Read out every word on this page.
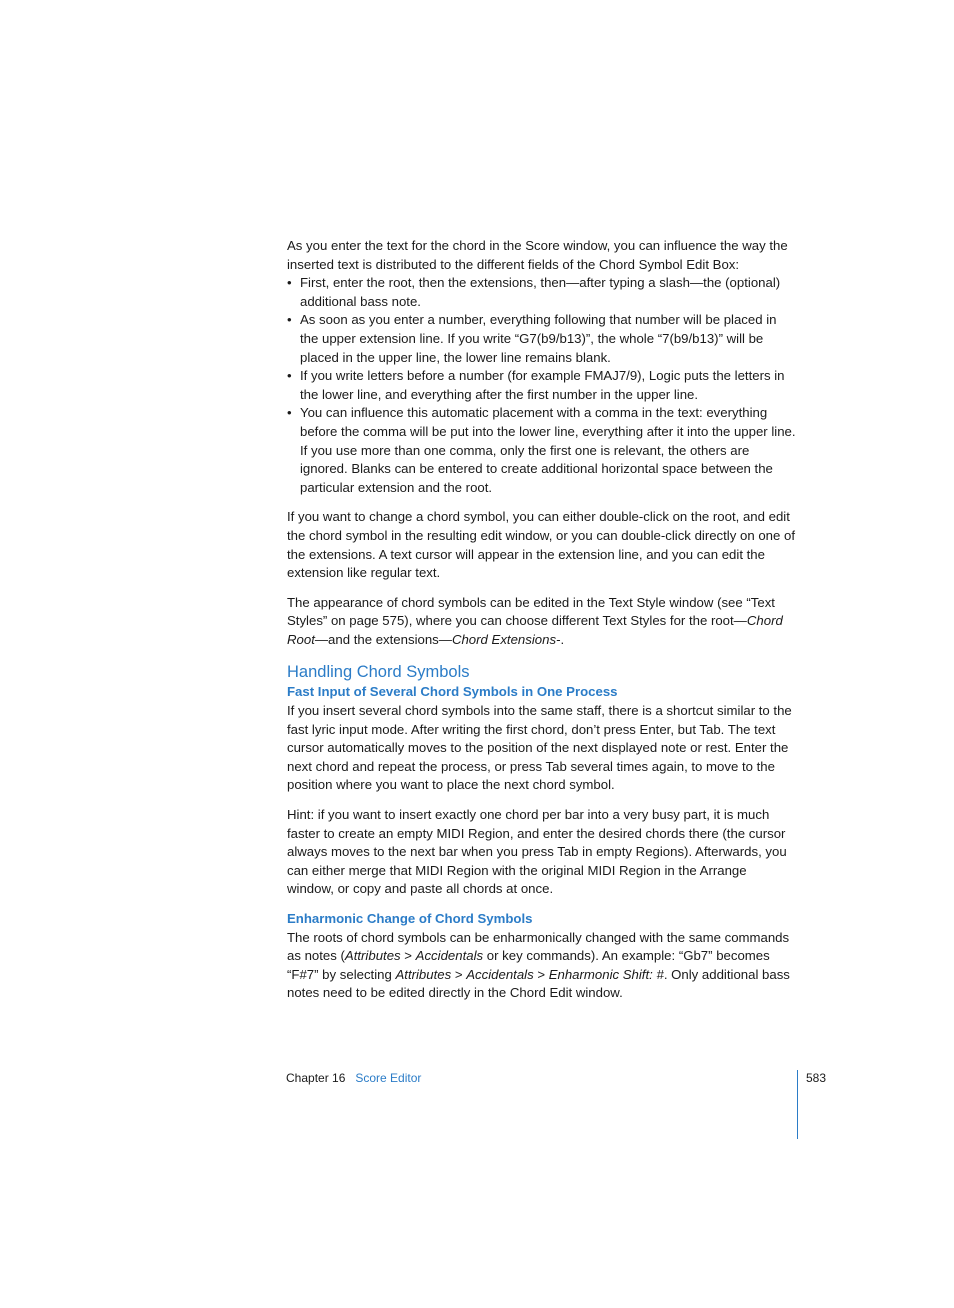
As you enter the text for the chord in the Score window, you can influence the way the inserted text is distributed to the different fields of the Chord Symbol Edit Box:

• First, enter the root, then the extensions, then—after typing a slash—the (optional) additional bass note.
• As soon as you enter a number, everything following that number will be placed in the upper extension line. If you write “G7(b9/b13)”, the whole “7(b9/b13)” will be placed in the upper line, the lower line remains blank.
• If you write letters before a number (for example FMAJ7/9), Logic puts the letters in the lower line, and everything after the first number in the upper line.
• You can influence this automatic placement with a comma in the text: everything before the comma will be put into the lower line, everything after it into the upper line. If you use more than one comma, only the first one is relevant, the others are ignored. Blanks can be entered to create additional horizontal space between the particular extension and the root.

If you want to change a chord symbol, you can either double-click on the root, and edit the chord symbol in the resulting edit window, or you can double-click directly on one of the extensions. A text cursor will appear in the extension line, and you can edit the extension like regular text.

The appearance of chord symbols can be edited in the Text Style window (see “Text Styles” on page 575), where you can choose different Text Styles for the root—Chord Root—and the extensions—Chord Extensions-.

Handling Chord Symbols
Fast Input of Several Chord Symbols in One Process

If you insert several chord symbols into the same staff, there is a shortcut similar to the fast lyric input mode. After writing the first chord, don’t press Enter, but Tab. The text cursor automatically moves to the position of the next displayed note or rest. Enter the next chord and repeat the process, or press Tab several times again, to move to the position where you want to place the next chord symbol.

Hint: if you want to insert exactly one chord per bar into a very busy part, it is much faster to create an empty MIDI Region, and enter the desired chords there (the cursor always moves to the next bar when you press Tab in empty Regions). Afterwards, you can either merge that MIDI Region with the original MIDI Region in the Arrange window, or copy and paste all chords at once.

Enharmonic Change of Chord Symbols

The roots of chord symbols can be enharmonically changed with the same commands as notes (Attributes > Accidentals or key commands). An example: “Gb7” becomes “F#7” by selecting Attributes > Accidentals > Enharmonic Shift: #. Only additional bass notes need to be edited directly in the Chord Edit window.

Chapter 16 Score Editor	583
